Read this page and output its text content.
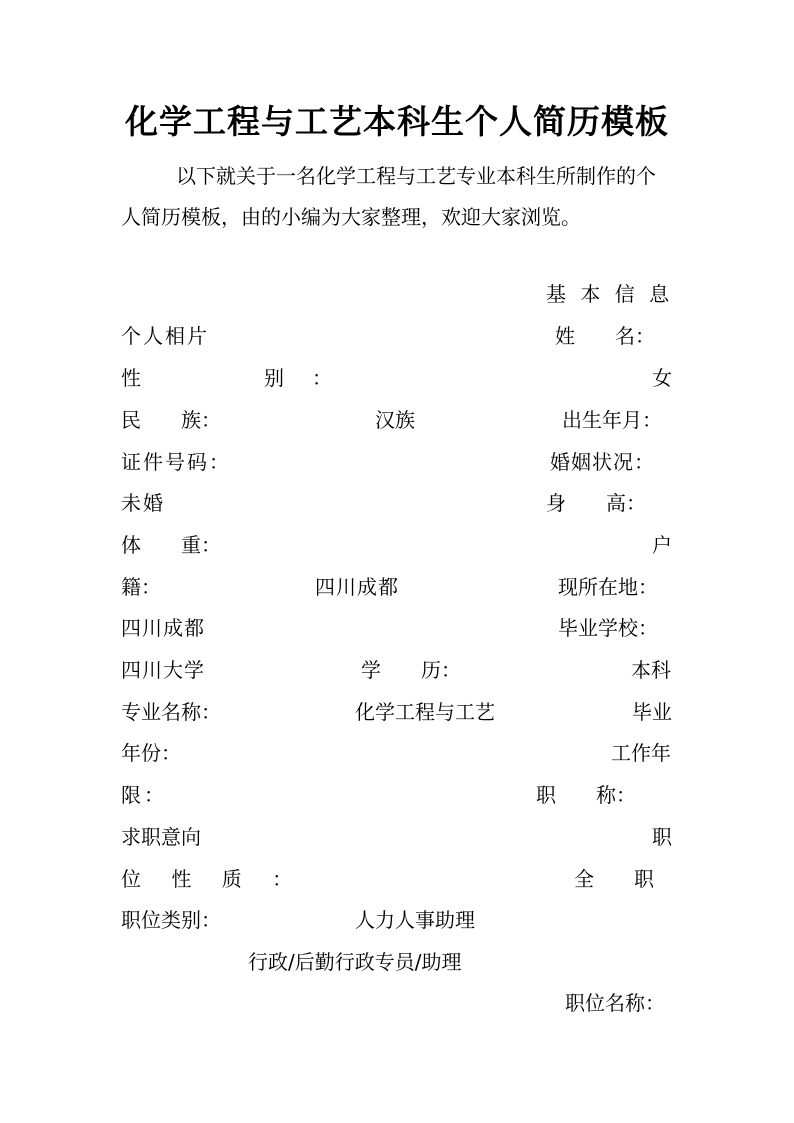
化学工程与工艺本科生个人简历模板
以下就关于一名化学工程与工艺专业本科生所制作的个人简历模板，由的小编为大家整理，欢迎大家浏览。
基 本 信 息
个人相片	姓　　名：
性	别 ：	女
民　　族：	汉族	出生年月：
证件号码：	婚姻状况：
未婚	身　　高：
体　　重：	户
籍：	四川成都	现所在地：
四川成都	毕业学校：
四川大学	学　　历：	本科
专业名称：	化学工程与工艺	毕业
年份：	工作年
限：	职　　称：
求职意向	职
位 性 质 ：	全　　职
职位类别：	人力人事助理
行政/后勤行政专员/助理
职位名称：
